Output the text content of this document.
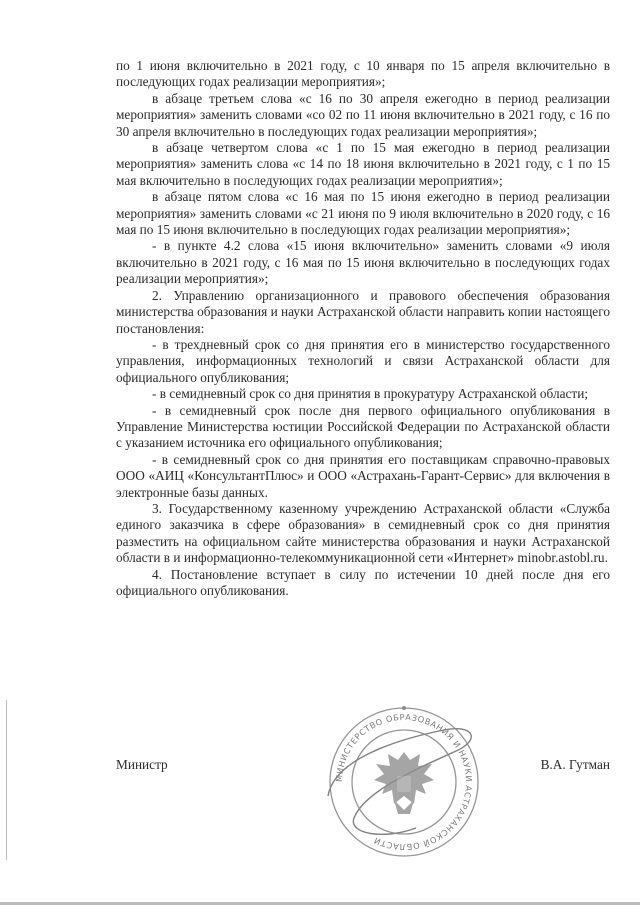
по 1 июня включительно в 2021 году, с 10 января по 15 апреля включительно в последующих годах реализации мероприятия»;

в абзаце третьем слова «с 16 по 30 апреля ежегодно в период реализации мероприятия» заменить словами «со 02 по 11 июня включительно в 2021 году, с 16 по 30 апреля включительно в последующих годах реализации мероприятия»;

в абзаце четвертом слова «с 1 по 15 мая ежегодно в период реализации мероприятия» заменить слова «с 14 по 18 июня включительно в 2021 году, с 1 по 15 мая включительно в последующих годах реализации мероприятия»;

в абзаце пятом слова «с 16 мая по 15 июня ежегодно в период реализации мероприятия» заменить словами «с 21 июня по 9 июля включительно в 2020 году, с 16 мая по 15 июня включительно в последующих годах реализации мероприятия»;

- в пункте 4.2 слова «15 июня включительно» заменить словами «9 июля включительно в 2021 году, с 16 мая по 15 июня включительно в последующих годах реализации мероприятия»;

2. Управлению организационного и правового обеспечения образования министерства образования и науки Астраханской области направить копии настоящего постановления:

- в трехдневный срок со дня принятия его в министерство государственного управления, информационных технологий и связи Астраханской области для официального опубликования;

- в семидневный срок со дня принятия в прокуратуру Астраханской области;

- в семидневный срок после дня первого официального опубликования в Управление Министерства юстиции Российской Федерации по Астраханской области с указанием источника его официального опубликования;

- в семидневный срок со дня принятия его поставщикам справочно-правовых ООО «АИЦ «КонсультантПлюс» и ООО «Астрахань-Гарант-Сервис» для включения в электронные базы данных.

3. Государственному казенному учреждению Астраханской области «Служба единого заказчика в сфере образования» в семидневный срок со дня принятия разместить на официальном сайте министерства образования и науки Астраханской области в и информационно-телекоммуникационной сети «Интернет» minobr.astobl.ru.

4. Постановление вступает в силу по истечении 10 дней после дня его официального опубликования.

Министр	В.А. Гутман
МИНИСТЕРСТВО ОБРАЗОВАНИЯ И НАУКИ АСТРАХАНСКОЙ ОБЛАСТИ
